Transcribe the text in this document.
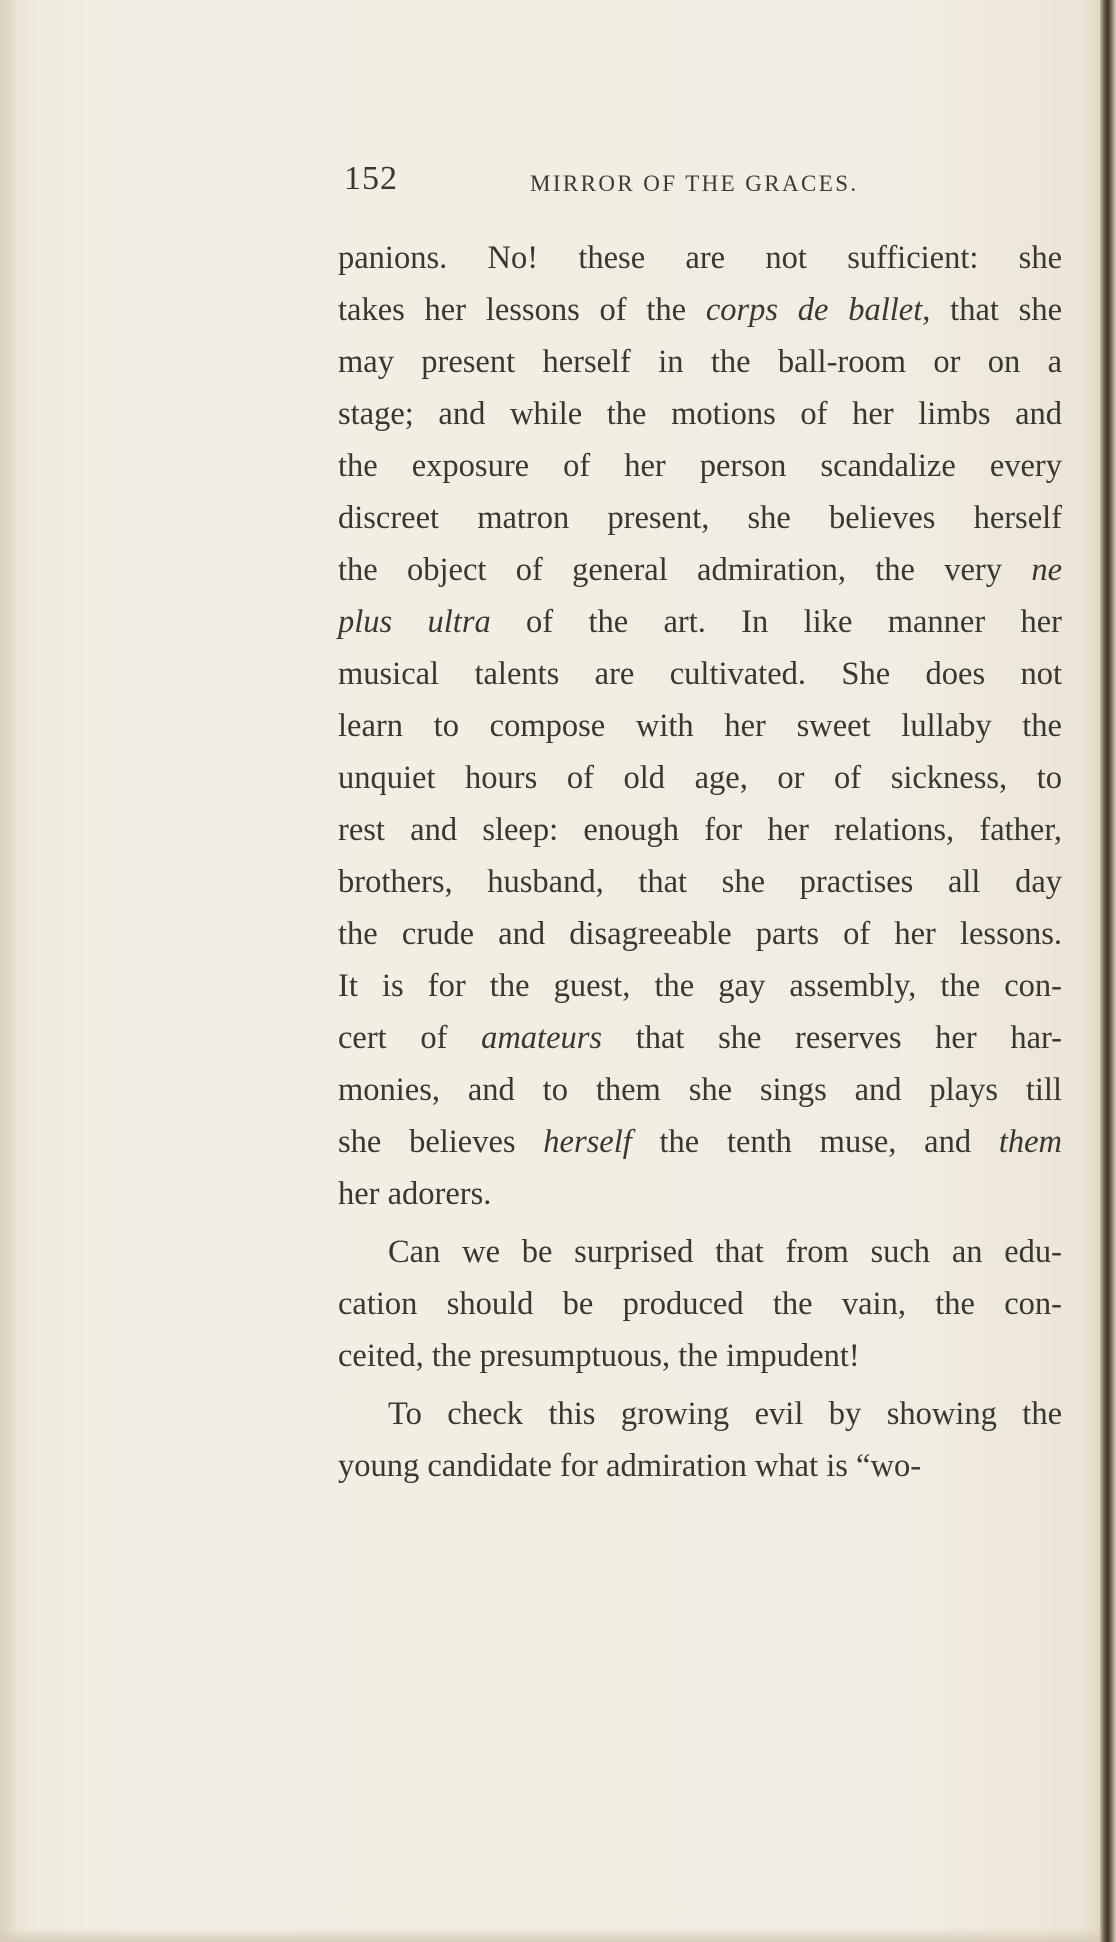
152	MIRROR OF THE GRACES.
panions. No! these are not sufficient: she
takes her lessons of the corps de ballet, that she
may present herself in the ball-room or on a
stage; and while the motions of her limbs and
the exposure of her person scandalize every
discreet matron present, she believes herself
the object of general admiration, the very ne
plus ultra of the art. In like manner her
musical talents are cultivated. She does not
learn to compose with her sweet lullaby the
unquiet hours of old age, or of sickness, to
rest and sleep: enough for her relations, father,
brothers, husband, that she practises all day
the crude and disagreeable parts of her lessons.
It is for the guest, the gay assembly, the con-
cert of amateurs that she reserves her har-
monies, and to them she sings and plays till
she believes herself the tenth muse, and them
her adorers.
Can we be surprised that from such an edu-
cation should be produced the vain, the con-
ceited, the presumptuous, the impudent!
To check this growing evil by showing the
young candidate for admiration what is “wo-
